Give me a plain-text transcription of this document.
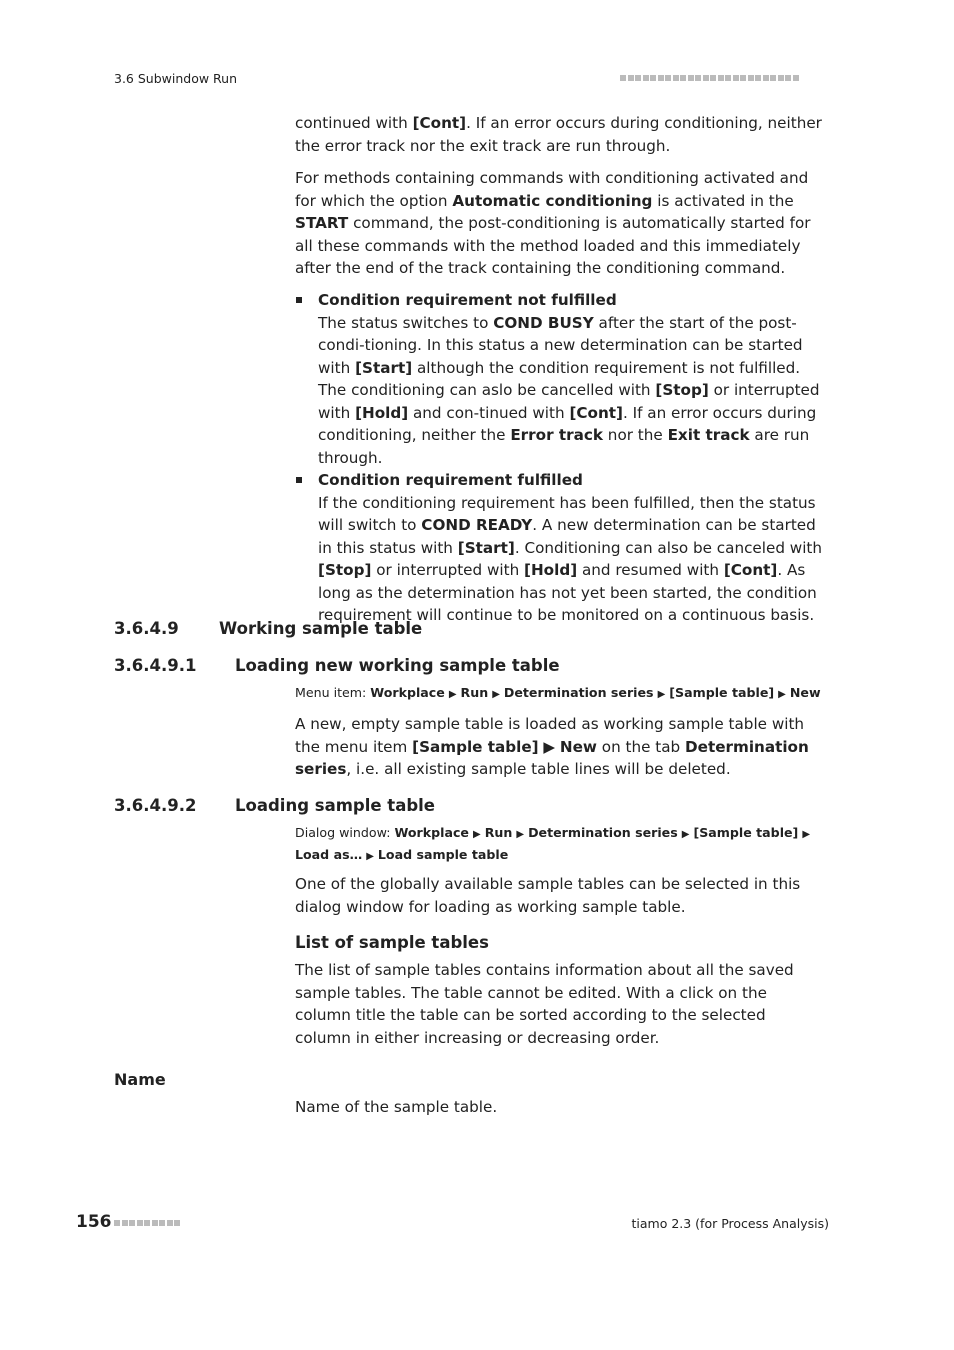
3.6 Subwindow Run

continued with [Cont]. If an error occurs during conditioning, neither the error track nor the exit track are run through.

For methods containing commands with conditioning activated and for which the option Automatic conditioning is activated in the START command, the post-conditioning is automatically started for all these commands with the method loaded and this immediately after the end of the track containing the conditioning command.

Condition requirement not fulfilled

The status switches to COND BUSY after the start of the post-condi-tioning. In this status a new determination can be started with [Start] although the condition requirement is not fulfilled. The conditioning can aslo be cancelled with [Stop] or interrupted with [Hold] and con-tinued with [Cont]. If an error occurs during conditioning, neither the Error track nor the Exit track are run through.

Condition requirement fulfilled

If the conditioning requirement has been fulfilled, then the status will switch to COND READY. A new determination can be started in this status with [Start]. Conditioning can also be canceled with [Stop] or interrupted with [Hold] and resumed with [Cont]. As long as the determination has not yet been started, the condition requirement will continue to be monitored on a continuous basis.

3.6.4.9 Working sample table
3.6.4.9.1 Loading new working sample table
Menu item: Workplace ▶ Run ▶ Determination series ▶ [Sample table] ▶ New

A new, empty sample table is loaded as working sample table with the menu item [Sample table] ▶ New on the tab Determination series, i.e. all existing sample table lines will be deleted.

3.6.4.9.2 Loading sample table
Dialog window: Workplace ▶ Run ▶ Determination series ▶ [Sample table] ▶ Load as… ▶ Load sample table

One of the globally available sample tables can be selected in this dialog window for loading as working sample table.

List of sample tables

The list of sample tables contains information about all the saved sample tables. The table cannot be edited. With a click on the column title the table can be sorted according to the selected column in either increasing or decreasing order.

Name

Name of the sample table.

156	tiamo 2.3 (for Process Analysis)
